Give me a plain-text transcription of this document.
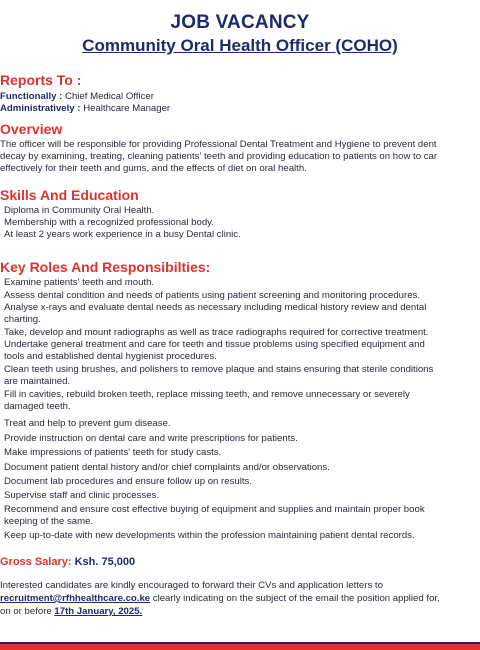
JOB VACANCY
Community Oral Health Officer (COHO)
Reports To :
Functionally : Chief Medical Officer
Administratively : Healthcare Manager
Overview
The officer will be responsible for providing Professional Dental Treatment and Hygiene to prevent dent
decay by examining, treating, cleaning patients' teeth and providing education to patients on how to car
effectively for their teeth and gums, and the effects of diet on oral health.
Skills And Education
Diploma in Community Oral Health.
Membership with a recognized professional body.
At least 2 years work experience in a busy Dental clinic.
Key Roles And Responsibilties:
Examine patients' teeth and mouth.
Assess dental condition and needs of patients using patient screening and monitoring procedures.
Analyse x-rays and evaluate dental needs as necessary including medical history review and dental
charting.
Take, develop and mount radiographs as well as trace radiographs required for corrective treatment.
Undertake general treatment and care for teeth and tissue problems using specified equipment and
tools and established dental hygienist procedures.
Clean teeth using brushes, and polishers to remove plaque and stains ensuring that sterile conditions
are maintained.
Fill in cavities, rebuild broken teeth, replace missing teeth, and remove unnecessary or severely
damaged teeth.
Treat and help to prevent gum disease.
Provide instruction on dental care and write prescriptions for patients.
Make impressions of patients' teeth for study casts.
Document patient dental history and/or chief complaints and/or observations.
Document lab procedures and ensure follow up on results.
Supervise staff and clinic processes.
Recommend and ensure cost effective buying of equipment and supplies and maintain proper book
keeping of the same.
Keep up-to-date with new developments within the profession maintaining patient dental records.
Gross Salary: Ksh. 75,000
Interested candidates are kindly encouraged to forward their CVs and application letters to
recruitment@rfhhealthcare.co.ke clearly indicating on the subject of the email the position applied for,
on or before 17th January, 2025.
